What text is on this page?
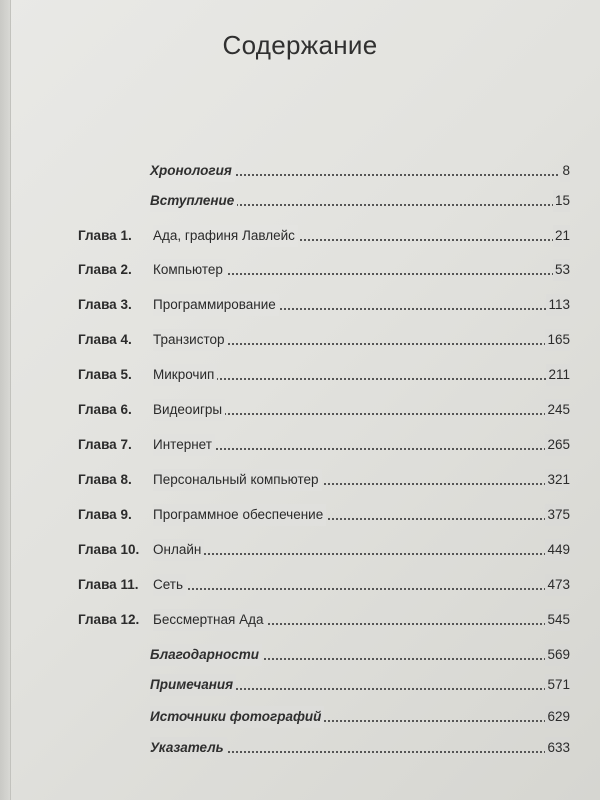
Содержание
Хронология	8
Вступление	15
Глава 1.	Ада, графиня Лавлейс	21
Глава 2.	Компьютер	53
Глава 3.	Программирование	113
Глава 4.	Транзистор	165
Глава 5.	Микрочип	211
Глава 6.	Видеоигры	245
Глава 7.	Интернет	265
Глава 8.	Персональный компьютер	321
Глава 9.	Программное обеспечение	375
Глава 10.	Онлайн	449
Глава 11.	Сеть	473
Глава 12.	Бессмертная Ада	545
Благодарности	569
Примечания	571
Источники фотографий	629
Указатель	633
